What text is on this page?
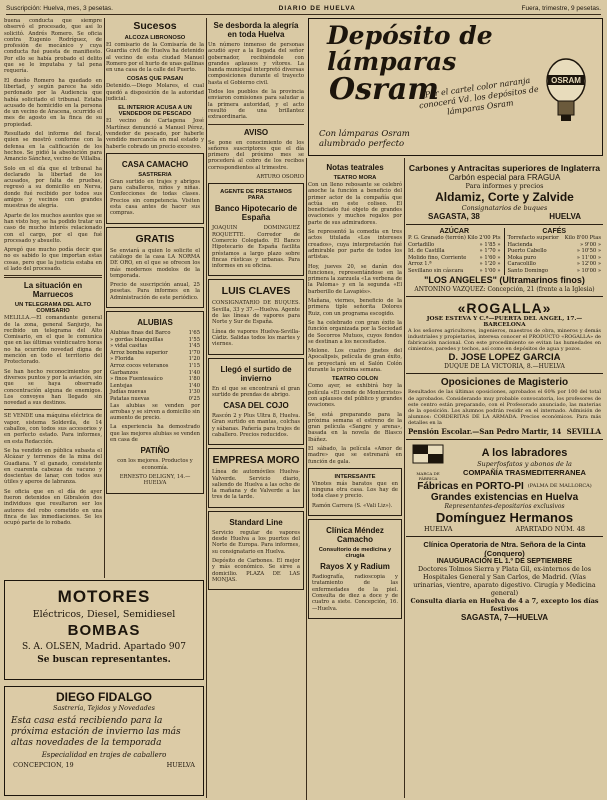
Suscripción: Huelva, mes, 3 pesetas.	DIARIO DE HUELVA	Fuera, trimestre, 9 pesetas.

buena conducta que siempre observó el procesado, que así lo solicitó. Andrés Romero. Se oficia contra Eugenio Rodríguez, de profesión de mecánico y cuya conducta fué puesta de manifiesto. Por ello se había probado el delito que se le imputaba y tal pena requería.

El dueño Romero ha quedado en libertad, y según parece ha sido perdonado por la Audiencia que había solicitado el tribunal. Estaba acusado de homicidio en la persona de un vecino de Aracena, ocurrido el mes de agosto en la finca de su propiedad.

Resultado del informe del fiscal, quien se mostró conforme con la defensa en la calificación de los hechos. Se pidió la absolución para Amancio Sánchez, vecino de Villalba.

Solo en el día que el tribunal ha declarado la libertad de los acusados, por falta de pruebas, regresó a su domicilio en Nerva, donde fué recibido por todos sus amigos y vecinos con grandes muestras de alegría.

Aparte de los muchos asuntos que se han visto hoy, se ha podido tratar un caso de mucho interés relacionado con el cargo, por el que fué procesado y absuelto.

Apregó que mucho podía decir que no es sabido lo que importan estas cosas, pero que la justicia estaba en el lado del procesado.

La situación en Marruecos
UN TELEGRAMA DEL ALTO COMISARIO

MELILLA.—El comandante general de la zona, general Sanjurjo, ha recibido un telegrama del Alto Comisario, en el que le comunica que en las últimas veinticuatro horas no ha ocurrido novedad digna de mención en todo el territorio del Protectorado.

Se han hecho reconocimientos por diversos puntos y por la aviación, sin que se haya observado concentración alguna de enemigos. Los convoyes han llegado sin novedad a sus destinos.

SE VENDE una máquina eléctrica de vapor, sistema Soldevila, de 14 caballos, con todos sus accesorios y en perfecto estado. Para informes, en esta Redacción.

Se ha vendido en pública subasta el Alcázar y terrenos de la mina del Guadiana. Y el ganado, consistente en cuarenta cabezas de vacuno y doscientas de lanar, con todos sus útiles y aperos de labranza.

Se oficia que en el día de ayer fueron detenidos en Gibraleón dos individuos que resultaron ser los autores del robo cometido en una finca de las inmediaciones. Se les ocupó parte de lo robado.

Sucesos
ALCOZA LIBRONOSO

El comisario de la Comisaría de la Guardia civil de Huelva ha detenido al vecino de esta ciudad Manuel Romero por el hurto de unas gallinas en una casa de la calle del Puerto.

COSAS QUE PASAN

Detenido.—Diego Molares, el cual quedó a disposición de la autoridad judicial.

EL INTERIOR ACUSA A UN VENDEDOR DE PESCADO

El vecino de Cartagena José Martínez denunció a Manuel Pérez, vendedor de pescado, por haberle vendido mercancía en mal estado y haberle cobrado un precio excesivo.

CASA CAMACHO
SASTRERIA

Gran surtido en trajes y abrigos para caballeros, niños y niñas. Confecciones de todas clases. Precios sin competencia. Visiten esta casa antes de hacer sus compras.

GRATIS

Se enviará a quien lo solicite el catálogo de la casa LA NORMA DE ORO, en el que se ofrecen los más modernos modelos de la temporada.

Precio de suscripción anual, 25 pesetas. Para informes en la Administración de este periódico.

ALUBIAS
Alubias finas del Barco	1'65
» gordas blanquillas	1'55
» vidal casitas	1'45
Arroz bomba superior	1'70
» Florida	1'20
Arroz cocos veteranos	1'15
Garbanzos	1'40
» finos Fuentesaúco	1'80
Lentejas	1'40
Judías nuevas	1'30
Patatas nuevas	0'25

Las alubias se venden por arrobas y se sirven a domicilio sin aumento de precio.

La experiencia ha demostrado que las mejores alubias se venden en casa de

PATIÑO

con los mejores. Productos y economía.

ERNESTO DELIGNY, 14.—HUELVA

Se desborda la alegría en toda Huelva

Un número inmenso de personas acudió ayer a la llegada del señor gobernador, recibiéndole con grandes aplausos y vítores. La banda municipal interpretó diversas composiciones durante el trayecto hasta el Gobierno civil.

Todos los pueblos de la provincia enviaron comisiones para saludar a la primera autoridad, y el acto resultó de una brillantez extraordinaria.

AVISO

Se pone en conocimiento de los señores suscriptores que el día primero del próximo mes se procederá al cobro de los recibos correspondientes al trimestre.

ARTURO OSORIO

AGENTE DE PRESTAMOS PARA
Banco Hipotecario de España

JOAQUIN DOMINGUEZ ROQUETTE. Corredor de Comercio Colegiado. El Banco Hipotecario de España facilita préstamos a largo plazo sobre fincas rústicas y urbanas. Para informes en su oficina.

LUIS CLAVES

CONSIGNATARIO DE BUQUES. Sevilla, 33 y 37.—Huelva. Agente de las líneas de vapores para Norte y Sur de España.

Línea de vapores Huelva-Sevilla-Cádiz. Salidas todos los martes y viernes.

Llegó el surtido de invierno

En el que se encontrará el gran surtido de prendas de abrigo.

CASA DEL COJO

Rascón 2 y Plus Ultra 8, Huelva. Gran surtido en mantas, colchas y sábanas. Pañería para trajes de caballero. Precios reducidos.

EMPRESA MORO

Línea de automóviles Huelva-Valverde. Servicio diario, saliendo de Huelva a las ocho de la mañana y de Valverde a las tres de la tarde.

Standard Line

Servicio regular de vapores desde Huelva a los puertos del Norte de Europa. Para informes, su consignatario en Huelva.

Depósito de Carbones. El mejor y más económico. Se sirve a domicilio. PLAZA DE LAS MONJAS.

Depósito de lámparas
Osram
Por el cartel color naranja conocerá Vd. los depósitos de lámparas Osram
OSRAM
Con lámparas Osram
alumbrado perfecto
Notas teatrales
TEATRO MORA

Con un lleno rebosante se celebró anoche la función a beneficio del primer actor de la compañía que actúa en este coliseo. El beneficiado fué objeto de grandes ovaciones y muchos regalos por parte de sus admiradores.

Se representó la comedia en tres actos titulada «Los intereses creados», cuya interpretación fué admirable por parte de todos los artistas.

Hoy, jueves 20, se darán dos funciones, representándose en la primera la zarzuela «La verbena de la Paloma» y en la segunda «El barberillo de Lavapiés».

Mañana, viernes, beneficio de la primera tiple señorita Dolores Ruiz, con un programa escogido.

Se ha celebrado con gran éxito la función organizada por la Sociedad de Socorros Mutuos, cuyos fondos se destinan a los necesitados.

Melone. Los cuatro jinetes del Apocalipsis, película de gran éxito, se proyectará en el Salón Colón durante la próxima semana.

TEATRO COLON

Como ayer, se exhibirá hoy la película «El conde de Montecristo» con aplausos del público y grandes ovaciones.

Se está preparando para la próxima semana el estreno de la gran película «Sangre y arena», basada en la novela de Blasco Ibáñez.

El sábado, la película «Amor de madre» que se estrenará en función de gala.

INTERESANTE

Vinotes más baratos que en ninguna otra casa. Los hay de toda clase y precio.

Ramón Carrera (S. «Vali Liz»).

Clínica Méndez Camacho
Consultorio de medicina y cirugía
Rayos X y Radium

Radiografía, radioscopia y tratamiento de las enfermedades de la piel. Consulta de diez a doce y de cuatro a siete. Concepción, 16.—Huelva.

Carbones y Antracitas superiores de Inglaterra
Carbón especial para FRAGUA
Para informes y precios
Aldamiz, Corte y Zalvide
Consignatarios de buques
SAGASTA, 38	HUELVA
AZÚCAR
P. G. Granado (terrón) Kilo 2'00 Pts
Cortadillo	» 1'85 »
Id. de Castilla	» 1'70 »
Molido fino, Corriente	» 1'60 »
Arroz 1.ª	» 1'20 »
Sevillano sin cáscara	» 1'00 »
CAFÉS
Torrefacto superior Kilo 8'00 Ptas
Hacienda	» 9'00 »
Puerto Cabello	» 10'50 »
Moka puro	» 11'00 »
Caracolillo	» 12'00 »
Santo Domingo	» 10'00 »
"LOS ANGELES" (Ultramarinos finos)
ANTONINO VAZQUEZ: Concepción, 21 (frente a la Iglesia)
«ROGALLA»
JOSE ESTEVA Y C.ª—PUERTA DEL ANGEL, 17.—BARCELONA

A los señores agricultores, ingenieros, maestros de obra, mineros y demás industriales y propietarios, interesa conocer el PRODUCTO «ROGALLA» de fabricación nacional. Con este procedimiento se evitan las humedades en cimientos, paredes y techos, así como en depósitos de agua y pozos.

D. JOSE LOPEZ GARCIA
DUQUE DE LA VICTORIA, 8.—HUELVA
Oposiciones de Magisterio

Resultados de las últimas oposiciones, aprobados el 60% por 100 del total de aprobados. Considerando muy probable convocatoria, los profesores de este centro están preparando, con el Profesorado anunciado, las materias de la oposición. Los alumnos podrán residir en el internado. Admisión de alumnos: CORDERITAS DE LA ARMADA. Precios económicos. Para más detalles en la

Pensión Escolar.—San Pedro Martir, 14 SEVILLA
MARCA DE FÁBRICA
A los labradores
Superfosfatos y abonos de la
COMPAÑÍA TRASMEDITERRANEA
Fábricas en PORTO-PI (PALMA DE MALLORCA)
Grandes existencias en Huelva
Representantes-depositarios exclusivos
Domínguez Hermanos
HUELVA	APARTADO NÚM. 48
Clínica Operatoria de Ntra. Señora de la Cinta (Conquero)
INAUGURACIÓN EL 1.º DE SEPTIEMBRE

Doctores Tolmos Sierra y Plata Gil, ex-internos de los Hospitales General y San Carlos, de Madrid. (Vías urinarias, vientre, aparato digestivo. Cirugía y Medicina general)

Consulta diaria en Huelva de 4 a 7, excepto los días festivos
SAGASTA, 7—HUELVA
MOTORES
Eléctricos, Diesel, Semidiesel
BOMBAS
S. A. OLSEN, Madrid. Apartado 907
Se buscan representantes.
DIEGO FIDALGO
Sastrería, Tejidos y Novedades
Esta casa está recibiendo para la próxima estación de invierno las más altas novedades de la temporada
Especialidad en trajes de caballero
CONCEPCION, 19	HUELVA
